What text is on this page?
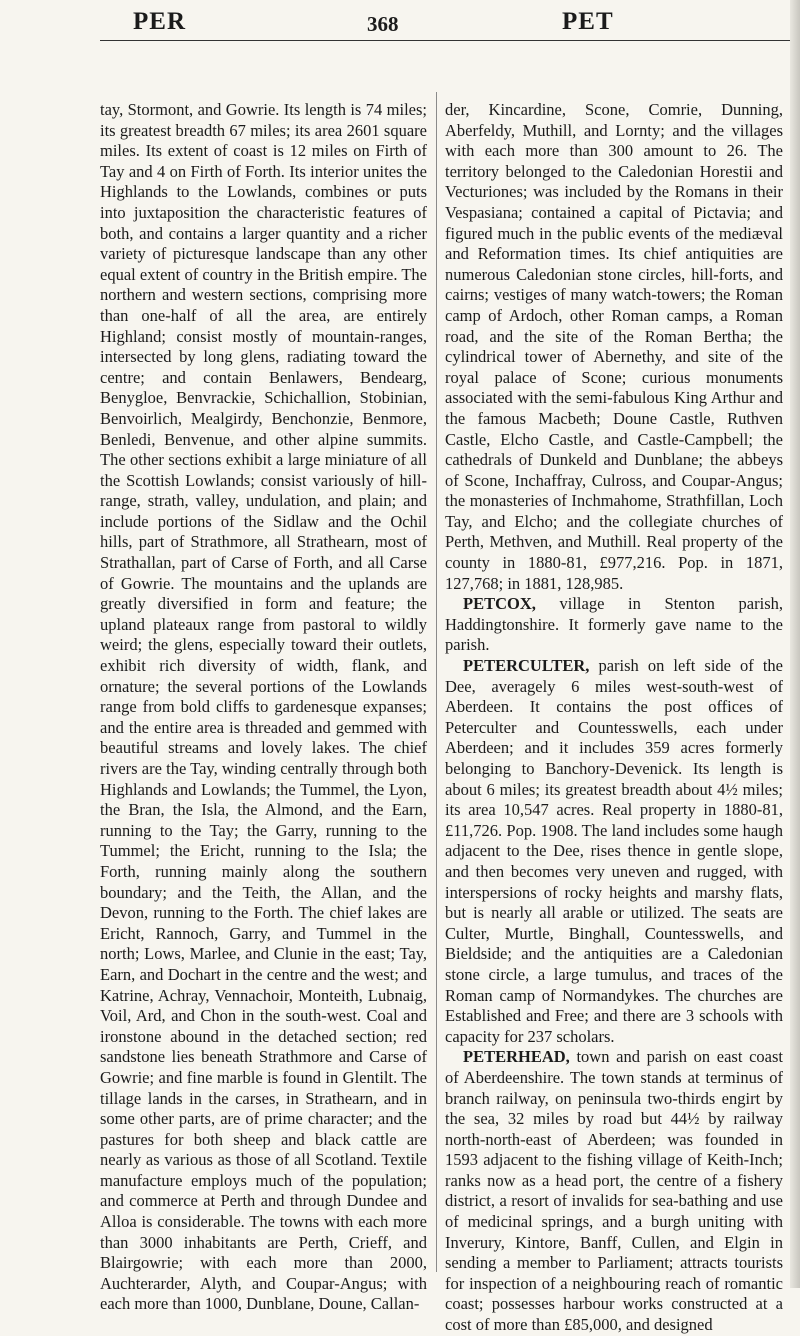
PER	368	PET

tay, Stormont, and Gowrie. Its length is 74 miles; its greatest breadth 67 miles; its area 2601 square miles. Its extent of coast is 12 miles on Firth of Tay and 4 on Firth of Forth. Its interior unites the Highlands to the Lowlands, combines or puts into juxtaposition the characteristic features of both, and contains a larger quantity and a richer variety of picturesque landscape than any other equal extent of country in the British empire. The northern and western sections, comprising more than one-half of all the area, are entirely Highland; consist mostly of mountain-ranges, intersected by long glens, radiating toward the centre; and contain Benlawers, Bendearg, Benygloe, Benvrackie, Schichallion, Stobinian, Benvoirlich, Mealgirdy, Benchonzie, Benmore, Benledi, Benvenue, and other alpine summits. The other sections exhibit a large miniature of all the Scottish Lowlands; consist variously of hill-range, strath, valley, undulation, and plain; and include portions of the Sidlaw and the Ochil hills, part of Strathmore, all Strathearn, most of Strathallan, part of Carse of Forth, and all Carse of Gowrie. The mountains and the uplands are greatly diversified in form and feature; the upland plateaux range from pastoral to wildly weird; the glens, especially toward their outlets, exhibit rich diversity of width, flank, and ornature; the several portions of the Lowlands range from bold cliffs to gardenesque expanses; and the entire area is threaded and gemmed with beautiful streams and lovely lakes. The chief rivers are the Tay, winding centrally through both Highlands and Lowlands; the Tummel, the Lyon, the Bran, the Isla, the Almond, and the Earn, running to the Tay; the Garry, running to the Tummel; the Ericht, running to the Isla; the Forth, running mainly along the southern boundary; and the Teith, the Allan, and the Devon, running to the Forth. The chief lakes are Ericht, Rannoch, Garry, and Tummel in the north; Lows, Marlee, and Clunie in the east; Tay, Earn, and Dochart in the centre and the west; and Katrine, Achray, Vennachoir, Monteith, Lubnaig, Voil, Ard, and Chon in the south-west. Coal and ironstone abound in the detached section; red sandstone lies beneath Strathmore and Carse of Gowrie; and fine marble is found in Glentilt. The tillage lands in the carses, in Strathearn, and in some other parts, are of prime character; and the pastures for both sheep and black cattle are nearly as various as those of all Scotland. Textile manufacture employs much of the population; and commerce at Perth and through Dundee and Alloa is considerable. The towns with each more than 3000 inhabitants are Perth, Crieff, and Blairgowrie; with each more than 2000, Auchterarder, Alyth, and Coupar-Angus; with each more than 1000, Dunblane, Doune, Callan-

der, Kincardine, Scone, Comrie, Dunning, Aberfeldy, Muthill, and Lornty; and the villages with each more than 300 amount to 26. The territory belonged to the Caledonian Horestii and Vecturiones; was included by the Romans in their Vespasiana; contained a capital of Pictavia; and figured much in the public events of the mediæval and Reformation times. Its chief antiquities are numerous Caledonian stone circles, hill-forts, and cairns; vestiges of many watch-towers; the Roman camp of Ardoch, other Roman camps, a Roman road, and the site of the Roman Bertha; the cylindrical tower of Abernethy, and site of the royal palace of Scone; curious monuments associated with the semi-fabulous King Arthur and the famous Macbeth; Doune Castle, Ruthven Castle, Elcho Castle, and Castle-Campbell; the cathedrals of Dunkeld and Dunblane; the abbeys of Scone, Inchaffray, Culross, and Coupar-Angus; the monasteries of Inchmahome, Strathfillan, Loch Tay, and Elcho; and the collegiate churches of Perth, Methven, and Muthill. Real property of the county in 1880-81, £977,216. Pop. in 1871, 127,768; in 1881, 128,985.

PETCOX, village in Stenton parish, Haddingtonshire. It formerly gave name to the parish.

PETERCULTER, parish on left side of the Dee, averagely 6 miles west-south-west of Aberdeen. It contains the post offices of Peterculter and Countesswells, each under Aberdeen; and it includes 359 acres formerly belonging to Banchory-Devenick. Its length is about 6 miles; its greatest breadth about 4½ miles; its area 10,547 acres. Real property in 1880-81, £11,726. Pop. 1908. The land includes some haugh adjacent to the Dee, rises thence in gentle slope, and then becomes very uneven and rugged, with interspersions of rocky heights and marshy flats, but is nearly all arable or utilized. The seats are Culter, Murtle, Binghall, Countesswells, and Bieldside; and the antiquities are a Caledonian stone circle, a large tumulus, and traces of the Roman camp of Normandykes. The churches are Established and Free; and there are 3 schools with capacity for 237 scholars.

PETERHEAD, town and parish on east coast of Aberdeenshire. The town stands at terminus of branch railway, on peninsula two-thirds engirt by the sea, 32 miles by road but 44½ by railway north-north-east of Aberdeen; was founded in 1593 adjacent to the fishing village of Keith-Inch; ranks now as a head port, the centre of a fishery district, a resort of invalids for sea-bathing and use of medicinal springs, and a burgh uniting with Inverury, Kintore, Banff, Cullen, and Elgin in sending a member to Parliament; attracts tourists for inspection of a neighbouring reach of romantic coast; possesses harbour works constructed at a cost of more than £85,000, and designed
